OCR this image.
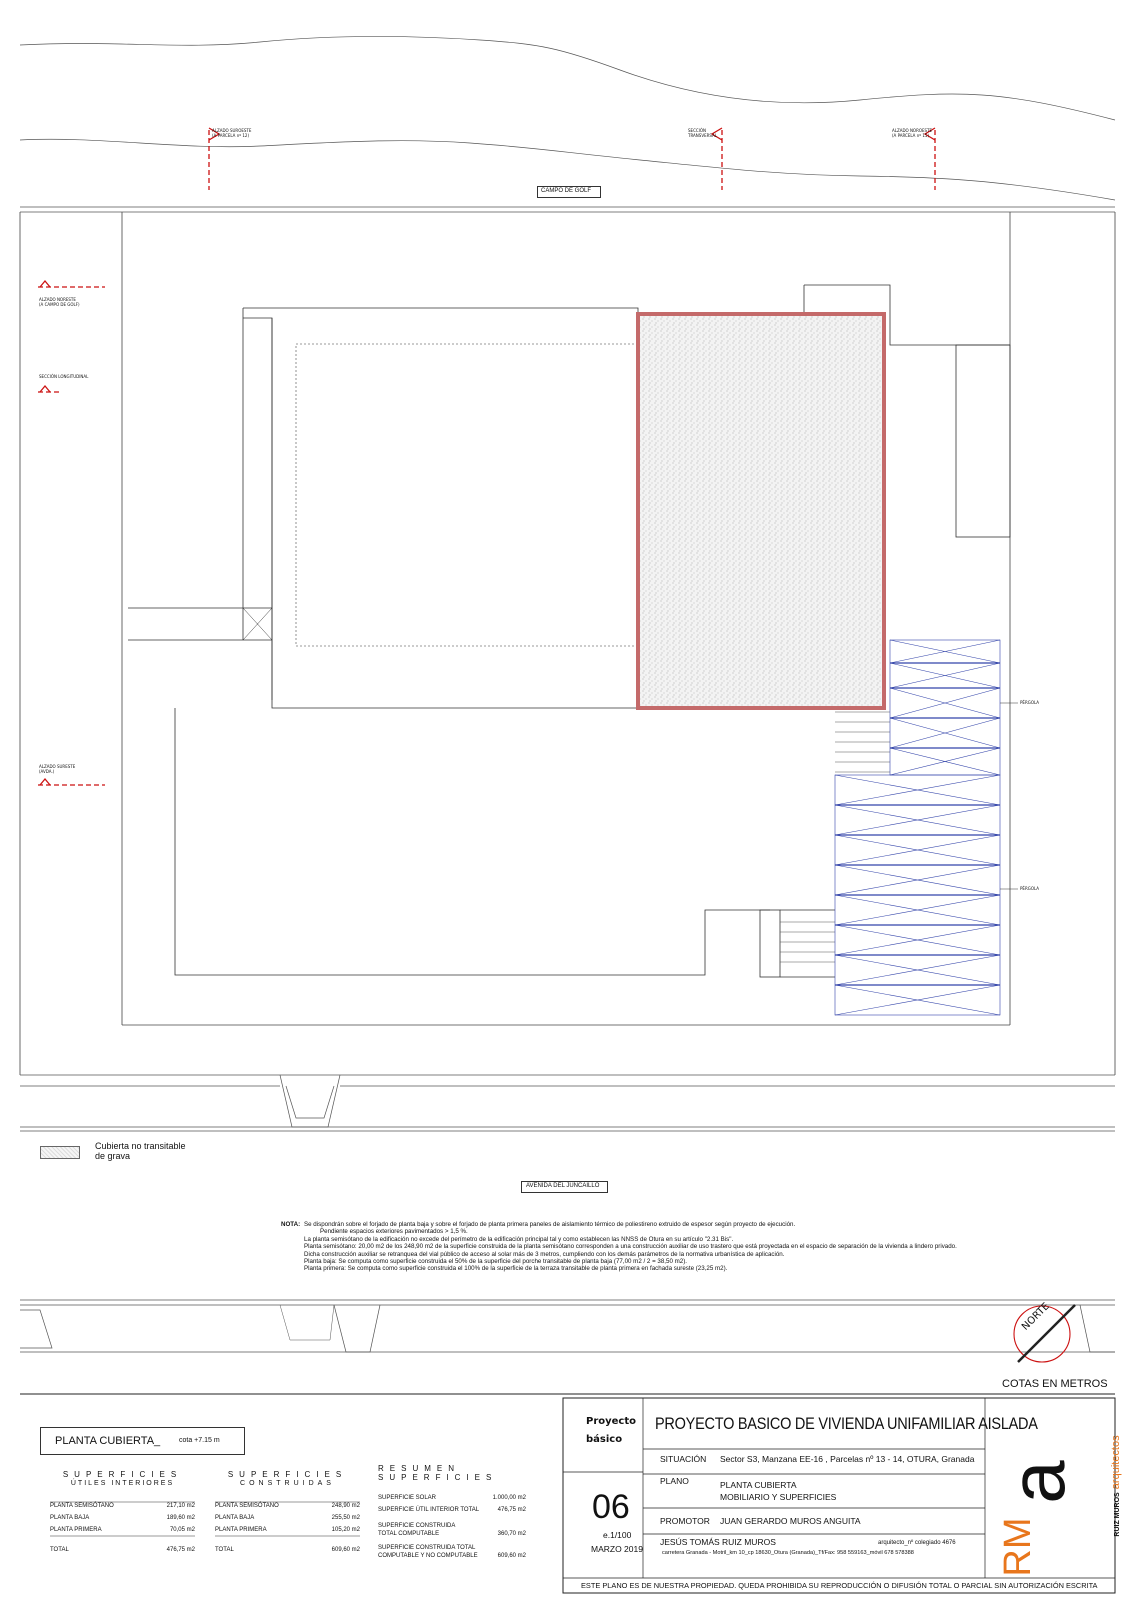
CAMPO DE GOLF
ALZADO SUROESTE
(A PARCELA nº 12)
SECCIÓN
TRANSVERSAL
ALZADO NOROESTE
(A PARCELA nº 15)
ALZADO NORESTE
(A CAMPO DE GOLF)
SECCIÓN LONGITUDINAL
ALZADO SURESTE
(AVDA.)
PÉRGOLA
PÉRGOLA
NORTE
Cubierta no transitable
de grava
AVENIDA DEL JUNCAILLO
NOTA: Se dispondrán sobre el forjado de planta baja y sobre el forjado de planta primera paneles de aislamiento térmico de poliestireno extruido de espesor según proyecto de ejecución.

Pendiente espacios exteriores pavimentados > 1,5 %.

La planta semisótano de la edificación no excede del perímetro de la edificación principal tal y como establecen las NNSS de Otura en su artículo "2.31 Bis".

Planta semisótano: 20,00 m2 de los 248,90 m2 de la superficie construida de la planta semisótano corresponden a una construcción auxiliar de uso trastero que está proyectada en el espacio de separación de la vivienda a lindero privado.

Dicha construcción auxiliar se retranquea del vial público de acceso al solar más de 3 metros, cumpliendo con los demás parámetros de la normativa urbanística de aplicación.

Planta baja: Se computa como superficie construida el 50% de la superficie del porche transitable de planta baja (77,00 m2 / 2 = 38,50 m2).

Planta primera: Se computa como superficie construida el 100% de la superficie de la terraza transitable de planta primera en fachada sureste (23,25 m2).

COTAS EN METROS
PLANTA CUBIERTA_	cota +7.15 m
SUPERFICIES
ÚTILES INTERIORES
PLANTA SEMISÓTANO	217,10 m2
PLANTA BAJA	189,60 m2
PLANTA PRIMERA	70,05 m2
TOTAL	476,75 m2
SUPERFICIES
CONSTRUIDAS
PLANTA SEMISÓTANO	248,90 m2
PLANTA BAJA	255,50 m2
PLANTA PRIMERA	105,20 m2
TOTAL	609,60 m2
RESUMEN
SUPERFICIES
SUPERFICIE SOLAR	1.000,00 m2
SUPERFICIE ÚTIL INTERIOR TOTAL	476,75 m2
SUPERFICIE CONSTRUIDA TOTAL COMPUTABLE	360,70 m2
SUPERFICIE CONSTRUIDA TOTAL COMPUTABLE Y NO COMPUTABLE	609,60 m2
Proyecto
básico
PROYECTO BASICO DE VIVIENDA UNIFAMILIAR AISLADA
SITUACIÓN Sector S3, Manzana EE-16 , Parcelas nº 13 - 14, OTURA, Granada
PLANO	PLANTA CUBIERTA
MOBILIARIO Y SUPERFICIES
PROMOTOR JUAN GERARDO MUROS ANGUITA
06
e.1/100
MARZO 2019
JESÚS TOMÁS RUIZ MUROS	arquitecto_nº colegiado 4676
carretera Granada - Motril_km 10_cp 18630_Otura (Granada)_Tf/Fax: 958 559163_móvil 678 578388
ESTE PLANO ES DE NUESTRA PROPIEDAD. QUEDA PROHIBIDA SU REPRODUCCIÓN O DIFUSIÓN TOTAL O PARCIAL SIN AUTORIZACIÓN ESCRITA
a
RM
RUIZ MUROS arquitectos
